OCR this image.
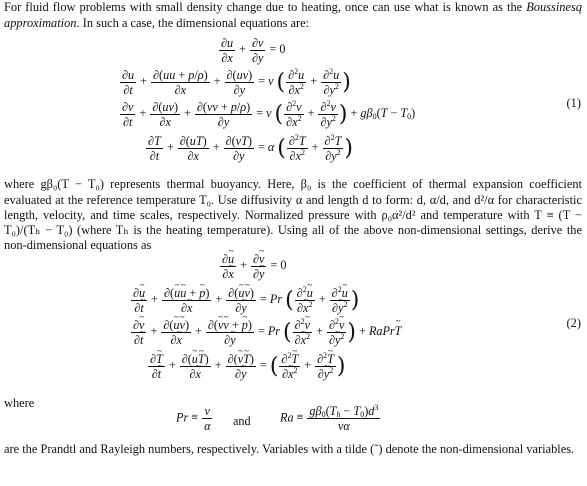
For fluid flow problems with small density change due to heating, once can use what is known as the Boussinesq approximation. In such a case, the dimensional equations are:

$\frac{\partial u}{\partial x} + \frac{\partial v}{\partial y} = 0$
$\frac{\partial u}{\partial t} + \frac{\partial(uu + p/\rho)}{\partial x} + \frac{\partial(uv)}{\partial y} = \nu$ ( $\frac{\partial^2u}{\partial x^2} + \frac{\partial^2u}{\partial y^2}$ )
$\frac{\partial v}{\partial t} + \frac{\partial(uv)}{\partial x} + \frac{\partial(vv + p/\rho)}{\partial y} = \nu$ ( $\frac{\partial^2v}{\partial x^2} + \frac{\partial^2v}{\partial y^2}$ ) + $g\beta_0(T - T_0)$
$\frac{\partial T}{\partial t} + \frac{\partial(uT)}{\partial x} + \frac{\partial(vT)}{\partial y} = \alpha$ ( $\frac{\partial^2T}{\partial x^2} + \frac{\partial^2T}{\partial y^2}$ )
(1)

where gβ₀(T − T₀) represents thermal buoyancy. Here, β₀ is the coefficient of thermal expansion coefficient evaluated at the reference temperature T₀. Use diffusivity α and length d to form: d, α/d, and d²/α for characteristic length, velocity, and time scales, respectively. Normalized pressure with ρ₀α²/d² and temperature with T ≡ (T − T₀)/(Tₕ − T₀) (where Tₕ is the heating temperature). Using all of the above non-dimensional settings, derive the non-dimensional equations as

$\frac{\partial u \sim}{\partial x}$ ~ + $\frac{\partial v \sim}{\partial y}$ ~ = 0
$\frac{\partial u \sim}{\partial t}$ ~ + $\frac{\partial(u \sim u \sim + p \sim)}{\partial x}$ ~ + $\frac{\partial(u \sim v \sim)}{\partial y}$ ~ = Pr ( $\frac{\partial^2u \sim}{\partial x \sim^2} + \frac{\partial^2u \sim}{\partial y \sim^2}$ )
$\frac{\partial v \sim}{\partial t}$ ~ + $\frac{\partial(u \sim v \sim)}{\partial x}$ ~ + $\frac{\partial(v \sim v \sim + p \sim)}{\partial y}$ ~ = Pr ( $\frac{\partial^2v \sim}{\partial x \sim^2} + \frac{\partial^2v \sim}{\partial y \sim^2}$ ) + RaPrT ~
$\frac{\partial T \sim}{\partial t}$ ~ + $\frac{\partial(u \sim T \sim)}{\partial x}$ ~ + $\frac{\partial(v \sim T \sim)}{\partial y}$ ~ = ( $\frac{\partial^2T \sim}{\partial x \sim^2} + \frac{\partial^2T \sim}{\partial y \sim^2}$ )
(2)

where

$Pr \equiv \frac{\nu}{\alpha}$ and $Ra \equiv \frac{g\beta_0(T_h - T_0)d^3}{\nu\alpha}$

are the Prandtl and Rayleigh numbers, respectively. Variables with a tilde (˜) denote the non-dimensional variables.
